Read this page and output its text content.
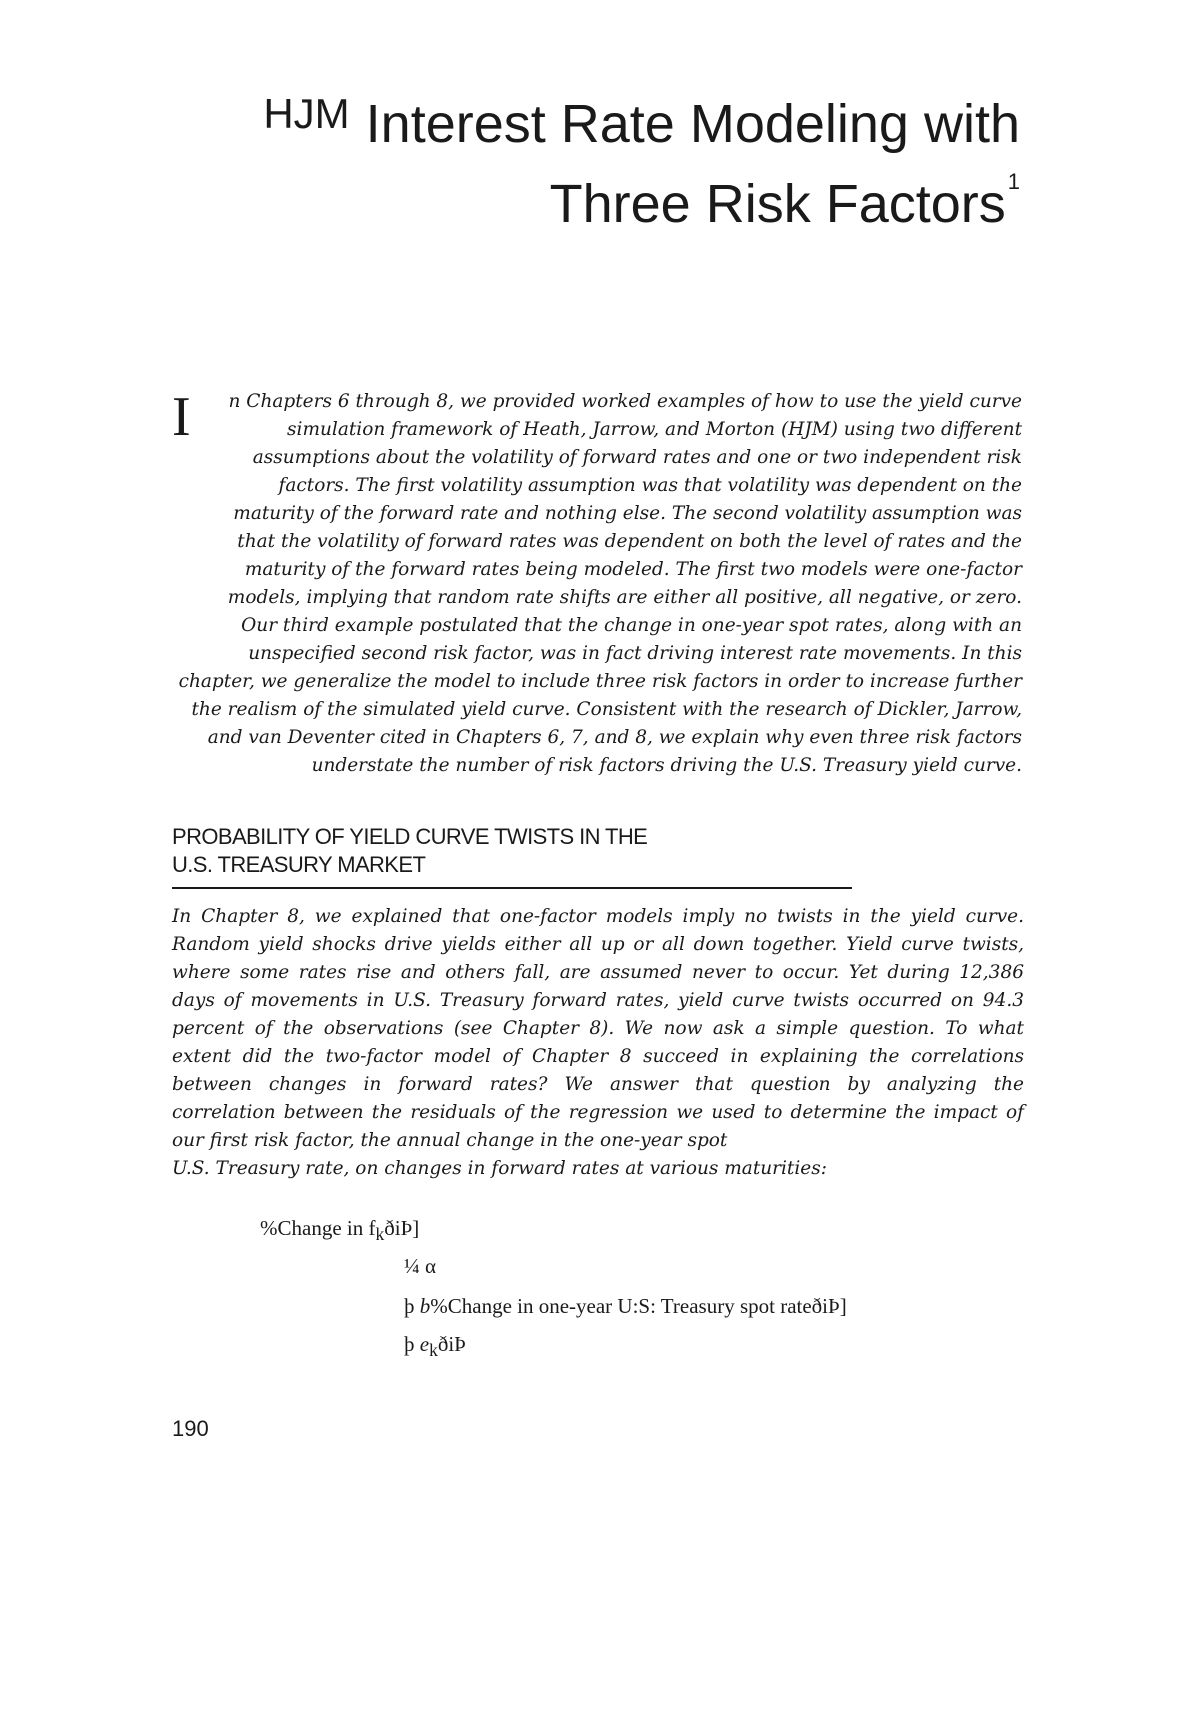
$^{HJM}$ Interest Rate Modeling with
Three Risk Factors$^1$
I	n Chapters 6 through 8, we provided worked examples of how to use the yield curve
simulation framework of Heath, Jarrow, and Morton (HJM) using two different
assumptions about the volatility of forward rates and one or two independent risk
factors. The first volatility assumption was that volatility was dependent on the
maturity of the forward rate and nothing else. The second volatility assumption was
that the volatility of forward rates was dependent on both the level of rates and the
maturity of the forward rates being modeled. The first two models were one-factor
models, implying that random rate shifts are either all positive, all negative, or zero.
Our third example postulated that the change in one-year spot rates, along with an
unspecified second risk factor, was in fact driving interest rate movements. In this
chapter, we generalize the model to include three risk factors in order to increase further
the realism of the simulated yield curve. Consistent with the research of Dickler, Jarrow,
and van Deventer cited in Chapters 6, 7, and 8, we explain why even three risk factors
understate the number of risk factors driving the U.S. Treasury yield curve.
PROBABILITY OF YIELD CURVE TWISTS IN THE
U.S. TREASURY MARKET
In Chapter 8, we explained that one-factor models imply no twists in the yield curve.
Random yield shocks drive yields either all up or all down together. Yield curve twists,
where some rates rise and others fall, are assumed never to occur. Yet during 12,386
days of movements in U.S. Treasury forward rates, yield curve twists occurred on 94.3
percent of the observations (see Chapter 8). We now ask a simple question. To what
extent did the two-factor model of Chapter 8 succeed in explaining the correlations
between changes in forward rates? We answer that question by analyzing the
correlation between the residuals of the regression we used to determine the impact of
our first risk factor, the annual change in the one-year spot
U.S. Treasury rate, on changes in forward rates at various maturities:
%Change in $f_kðiÞ$]
¼ α
þ b%Change in one-year U:S: Treasury spot rateðiÞ]
þ $e_kðiÞ$
190
